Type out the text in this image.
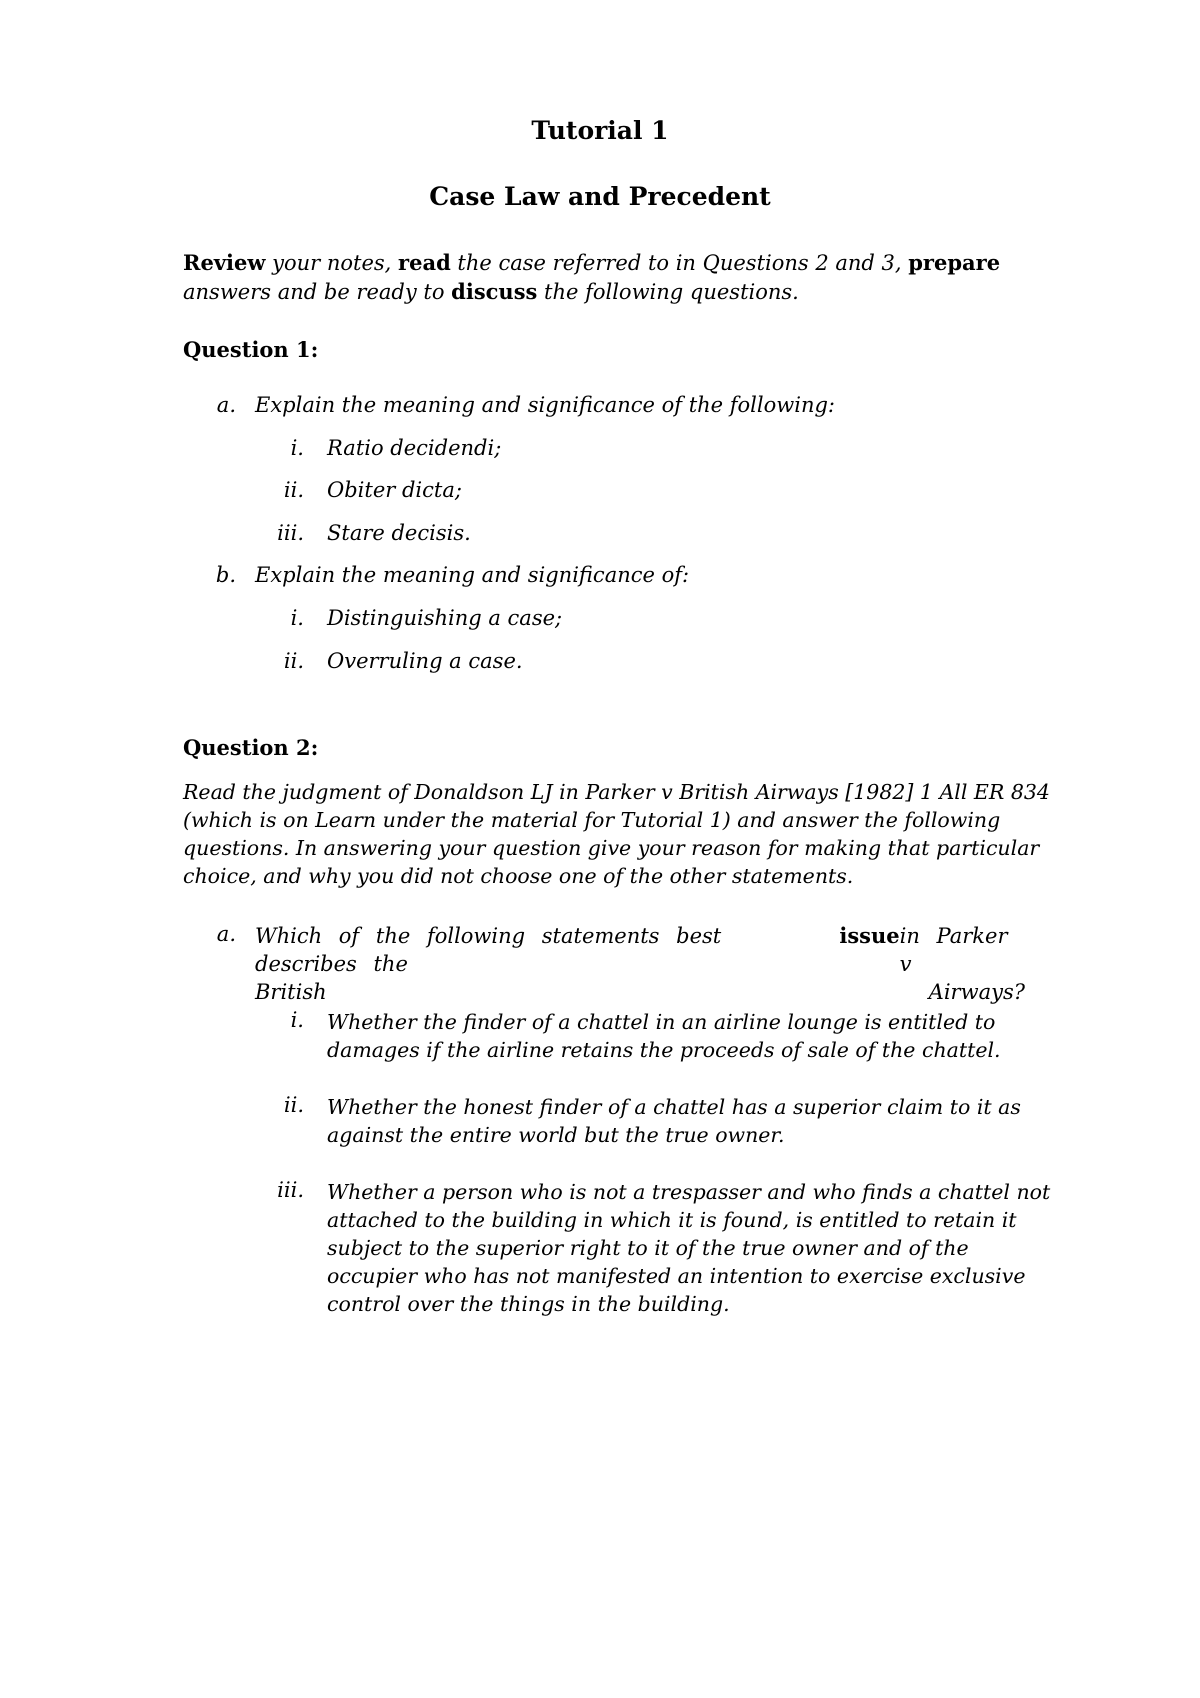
Tutorial 1
Case Law and Precedent
Review your notes, read the case referred to in Questions 2 and 3, prepare
answers and be ready to discuss the following questions.
Question 1:
a. Explain the meaning and significance of the following:
i. Ratio decidendi;
ii. Obiter dicta;
iii. Stare decisis.
b. Explain the meaning and significance of:
i. Distinguishing a case;
ii. Overruling a case.
Question 2:
Read the judgment of Donaldson LJ in Parker v British Airways [1982] 1 All ER 834
(which is on Learn under the material for Tutorial 1) and answer the following
questions. In answering your question give your reason for making that particular
choice, and why you did not choose one of the other statements.
a. Which of the following statements best describes the
issue in Parker v
British	Airways?
i. Whether the finder of a chattel in an airline lounge is entitled to
damages if the airline retains the proceeds of sale of the chattel.
ii. Whether the honest finder of a chattel has a superior claim to it as
against the entire world but the true owner.
iii. Whether a person who is not a trespasser and who finds a chattel not
attached to the building in which it is found, is entitled to retain it
subject to the superior right to it of the true owner and of the
occupier who has not manifested an intention to exercise exclusive
control over the things in the building.
